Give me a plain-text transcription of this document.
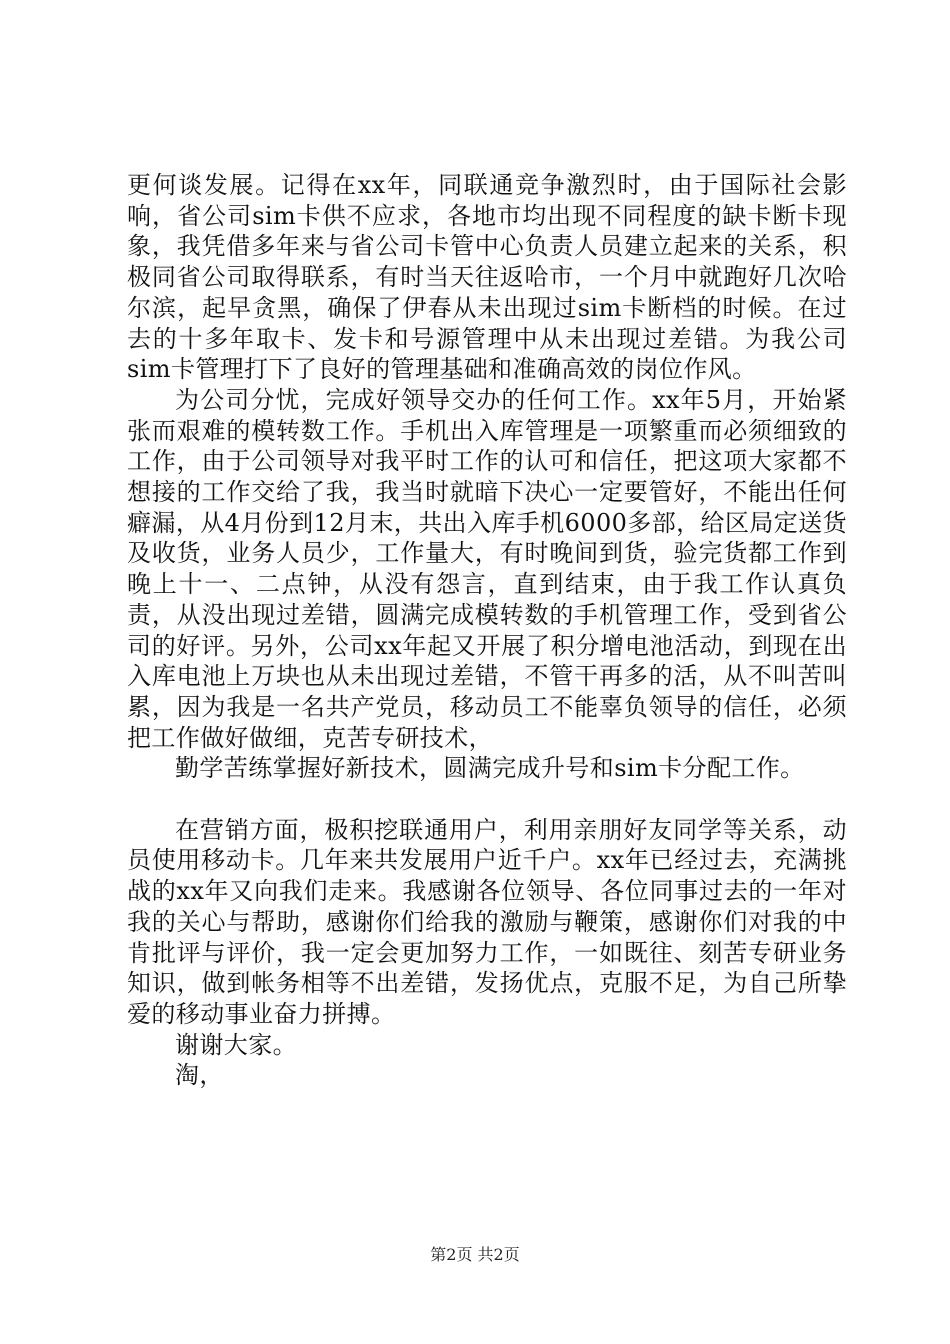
更何谈发展。记得在xx年，同联通竞争激烈时，由于国际社会影响，省公司sim卡供不应求，各地市均出现不同程度的缺卡断卡现象，我凭借多年来与省公司卡管中心负责人员建立起来的关系，积极同省公司取得联系，有时当天往返哈市，一个月中就跑好几次哈尔滨，起早贪黑，确保了伊春从未出现过sim卡断档的时候。在过去的十多年取卡、发卡和号源管理中从未出现过差错。为我公司sim卡管理打下了良好的管理基础和准确高效的岗位作风。

为公司分忧，完成好领导交办的任何工作。xx年5月，开始紧张而艰难的模转数工作。手机出入库管理是一项繁重而必须细致的工作，由于公司领导对我平时工作的认可和信任，把这项大家都不想接的工作交给了我，我当时就暗下决心一定要管好，不能出任何癖漏，从4月份到12月末，共出入库手机6000多部，给区局定送货及收货，业务人员少，工作量大，有时晚间到货，验完货都工作到晚上十一、二点钟，从没有怨言，直到结束，由于我工作认真负责，从没出现过差错，圆满完成模转数的手机管理工作，受到省公司的好评。另外，公司xx年起又开展了积分增电池活动，到现在出入库电池上万块也从未出现过差错，不管干再多的活，从不叫苦叫累，因为我是一名共产党员，移动员工不能辜负领导的信任，必须把工作做好做细，克苦专研技术，

勤学苦练掌握好新技术，圆满完成升号和sim卡分配工作。

在营销方面，极积挖联通用户，利用亲朋好友同学等关系，动员使用移动卡。几年来共发展用户近千户。xx年已经过去，充满挑战的xx年又向我们走来。我感谢各位领导、各位同事过去的一年对我的关心与帮助，感谢你们给我的激励与鞭策，感谢你们对我的中肯批评与评价，我一定会更加努力工作，一如既往、刻苦专研业务知识，做到帐务相等不出差错，发扬优点，克服不足，为自己所挚爱的移动事业奋力拼搏。

谢谢大家。

淘，

第2页 共2页
